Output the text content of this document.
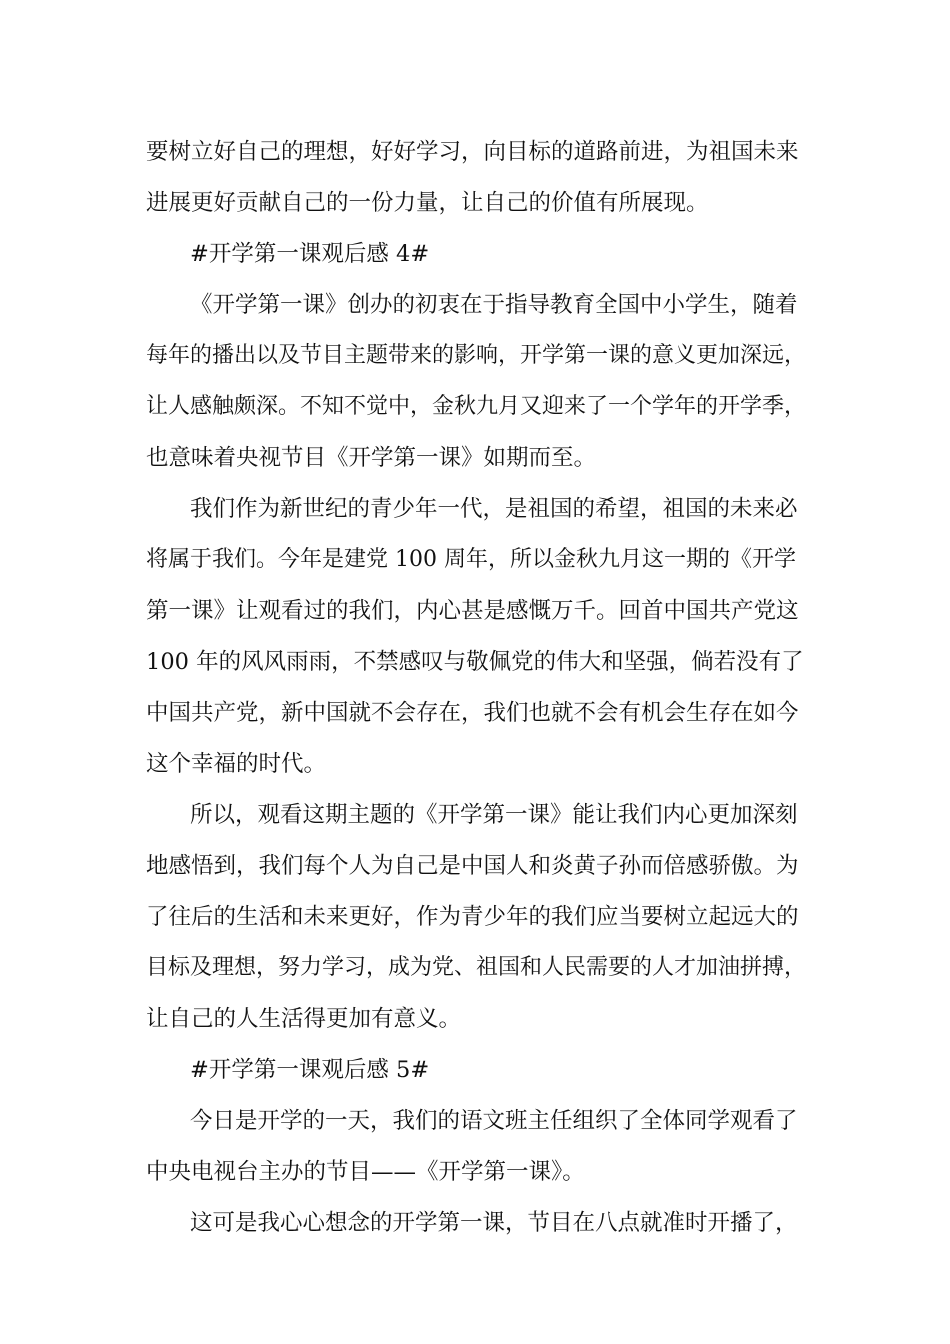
要树立好自己的理想，好好学习，向目标的道路前进，为祖国未来

进展更好贡献自己的一份力量，让自己的价值有所展现。

#开学第一课观后感 4#

《开学第一课》创办的初衷在于指导教育全国中小学生，随着

每年的播出以及节目主题带来的影响，开学第一课的意义更加深远，

让人感触颇深。不知不觉中，金秋九月又迎来了一个学年的开学季，

也意味着央视节目《开学第一课》如期而至。

我们作为新世纪的青少年一代，是祖国的希望，祖国的未来必

将属于我们。今年是建党 100 周年，所以金秋九月这一期的《开学

第一课》让观看过的我们，内心甚是感慨万千。回首中国共产党这

100 年的风风雨雨，不禁感叹与敬佩党的伟大和坚强，倘若没有了

中国共产党，新中国就不会存在，我们也就不会有机会生存在如今

这个幸福的时代。

所以，观看这期主题的《开学第一课》能让我们内心更加深刻

地感悟到，我们每个人为自己是中国人和炎黄子孙而倍感骄傲。为

了往后的生活和未来更好，作为青少年的我们应当要树立起远大的

目标及理想，努力学习，成为党、祖国和人民需要的人才加油拼搏，

让自己的人生活得更加有意义。

#开学第一课观后感 5#

今日是开学的一天，我们的语文班主任组织了全体同学观看了

中央电视台主办的节目——《开学第一课》。

这可是我心心想念的开学第一课，节目在八点就准时开播了，
